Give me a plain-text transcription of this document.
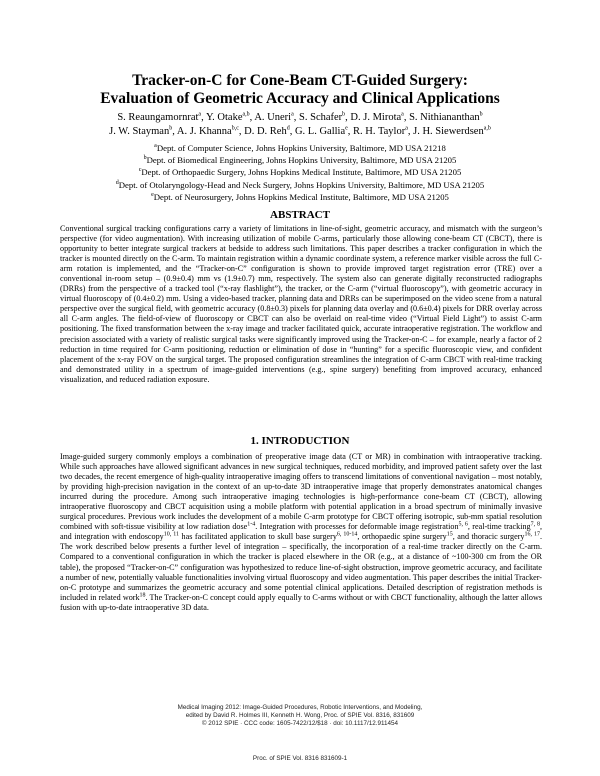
Tracker-on-C for Cone-Beam CT-Guided Surgery:
Evaluation of Geometric Accuracy and Clinical Applications
S. Reaungamornrat$^a$, Y. Otake$^{a,b}$, A. Uneri$^a$, S. Schafer$^b$, D. J. Mirota$^a$, S. Nithiananthan$^b$
J. W. Stayman$^b$, A. J. Khanna$^{b,c}$, D. D. Reh$^d$, G. L. Gallia$^e$, R. H. Taylor$^a$, J. H. Siewerdsen$^{a,b}$
$^a$Dept. of Computer Science, Johns Hopkins University, Baltimore, MD USA 21218
$^b$Dept. of Biomedical Engineering, Johns Hopkins University, Baltimore, MD USA 21205
$^c$Dept. of Orthopaedic Surgery, Johns Hopkins Medical Institute, Baltimore, MD USA 21205
$^d$Dept. of Otolaryngology-Head and Neck Surgery, Johns Hopkins University, Baltimore, MD USA 21205
$^e$Dept. of Neurosurgery, Johns Hopkins Medical Institute, Baltimore, MD USA 21205
ABSTRACT
Conventional surgical tracking configurations carry a variety of limitations in line-of-sight, geometric accuracy, and mismatch with the surgeon’s perspective (for video augmentation). With increasing utilization of mobile C-arms, particularly those allowing cone-beam CT (CBCT), there is opportunity to better integrate surgical trackers at bedside to address such limitations. This paper describes a tracker configuration in which the tracker is mounted directly on the C-arm. To maintain registration within a dynamic coordinate system, a reference marker visible across the full C-arm rotation is implemented, and the “Tracker-on-C” configuration is shown to provide improved target registration error (TRE) over a conventional in-room setup – (0.9±0.4) mm vs (1.9±0.7) mm, respectively. The system also can generate digitally reconstructed radiographs (DRRs) from the perspective of a tracked tool (“x-ray flashlight”), the tracker, or the C-arm (“virtual fluoroscopy”), with geometric accuracy in virtual fluoroscopy of (0.4±0.2) mm. Using a video-based tracker, planning data and DRRs can be superimposed on the video scene from a natural perspective over the surgical field, with geometric accuracy (0.8±0.3) pixels for planning data overlay and (0.6±0.4) pixels for DRR overlay across all C-arm angles. The field-of-view of fluoroscopy or CBCT can also be overlaid on real-time video (“Virtual Field Light”) to assist C-arm positioning. The fixed transformation between the x-ray image and tracker facilitated quick, accurate intraoperative registration. The workflow and precision associated with a variety of realistic surgical tasks were significantly improved using the Tracker-on-C – for example, nearly a factor of 2 reduction in time required for C-arm positioning, reduction or elimination of dose in “hunting” for a specific fluoroscopic view, and confident placement of the x-ray FOV on the surgical target. The proposed configuration streamlines the integration of C-arm CBCT with real-time tracking and demonstrated utility in a spectrum of image-guided interventions (e.g., spine surgery) benefiting from improved accuracy, enhanced visualization, and reduced radiation exposure.
1. INTRODUCTION
Image-guided surgery commonly employs a combination of preoperative image data (CT or MR) in combination with intraoperative tracking. While such approaches have allowed significant advances in new surgical techniques, reduced morbidity, and improved patient safety over the last two decades, the recent emergence of high-quality intraoperative imaging offers to transcend limitations of conventional navigation – most notably, by providing high-precision navigation in the context of an up-to-date 3D intraoperative image that properly demonstrates anatomical changes incurred during the procedure. Among such intraoperative imaging technologies is high-performance cone-beam CT (CBCT), allowing intraoperative fluoroscopy and CBCT acquisition using a mobile platform with potential application in a broad spectrum of minimally invasive surgical procedures. Previous work includes the development of a mobile C-arm prototype for CBCT offering isotropic, sub-mm spatial resolution combined with soft-tissue visibility at low radiation dose$^{1-4}$. Integration with processes for deformable image registration$^{5, 6}$, real-time tracking$^{7, 8}$, and integration with endoscopy$^{10, 11}$ has facilitated application to skull base surgery$^{6, 10-14}$, orthopaedic spine surgery$^{15}$, and thoracic surgery$^{16, 17}$. The work described below presents a further level of integration – specifically, the incorporation of a real-time tracker directly on the C-arm. Compared to a conventional configuration in which the tracker is placed elsewhere in the OR (e.g., at a distance of ~100-300 cm from the OR table), the proposed “Tracker-on-C” configuration was hypothesized to reduce line-of-sight obstruction, improve geometric accuracy, and facilitate a number of new, potentially valuable functionalities involving virtual fluoroscopy and video augmentation. This paper describes the initial Tracker-on-C prototype and summarizes the geometric accuracy and some potential clinical applications. Detailed description of registration methods is included in related work$^{18}$. The Tracker-on-C concept could apply equally to C-arms without or with CBCT functionality, although the latter allows fusion with up-to-date intraoperative 3D data.
Medical Imaging 2012: Image-Guided Procedures, Robotic Interventions, and Modeling,
edited by David R. Holmes III, Kenneth H. Wong, Proc. of SPIE Vol. 8316, 831609
© 2012 SPIE · CCC code: 1605-7422/12/$18 · doi: 10.1117/12.911454
Proc. of SPIE Vol. 8316 831609-1
